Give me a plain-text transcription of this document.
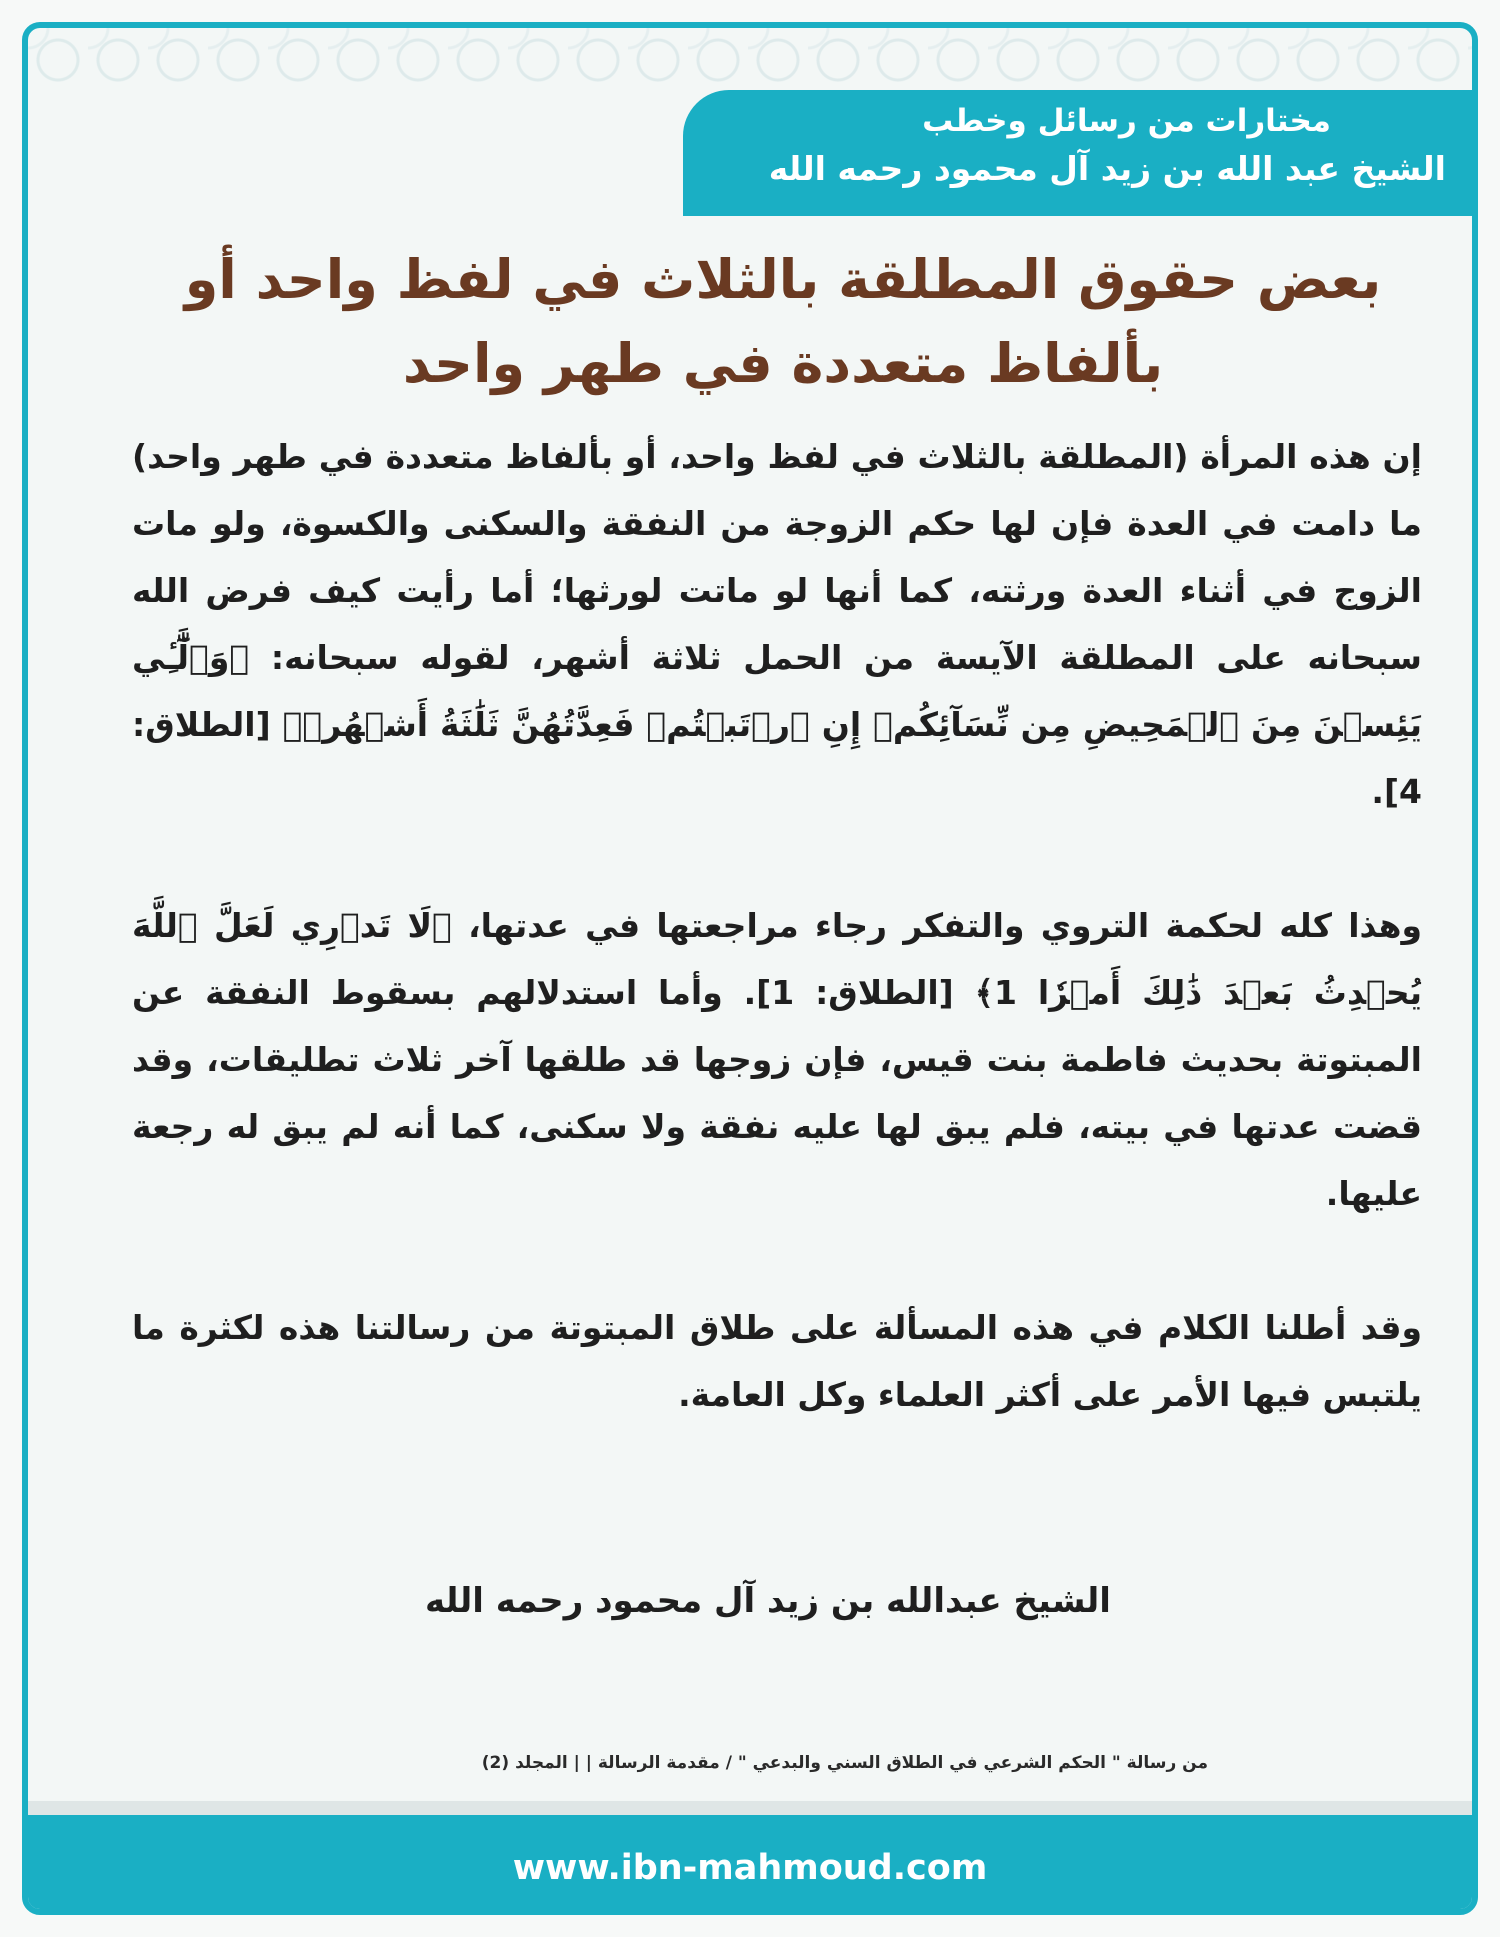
مختارات من رسائل وخطب
الشيخ عبد الله بن زيد آل محمود رحمه الله
بعض حقوق المطلقة بالثلاث في لفظ واحد أو
بألفاظ متعددة في طهر واحد

إن هذه المرأة (المطلقة بالثلاث في لفظ واحد، أو بألفاظ متعددة في طهر واحد) ما دامت في العدة فإن لها حكم الزوجة من النفقة والسكنى والكسوة، ولو مات الزوج في أثناء العدة ورثته، كما أنها لو ماتت لورثها؛ أما رأيت كيف فرض الله سبحانه على المطلقة الآيسة من الحمل ثلاثة أشهر، لقوله سبحانه: ﴿وَٱلَّٰٓـِٔي يَئِسۡنَ مِنَ ٱلۡمَحِيضِ مِن نِّسَآئِكُمۡ إِنِ ٱرۡتَبۡتُمۡ فَعِدَّتُهُنَّ ثَلَٰثَةُ أَشۡهُرٖ﴾ [الطلاق: 4].

وهذا كله لحكمة التروي والتفكر رجاء مراجعتها في عدتها، ﴿لَا تَدۡرِي لَعَلَّ ٱللَّهَ يُحۡدِثُ بَعۡدَ ذَٰلِكَ أَمۡرٗا 1﴾ [الطلاق: 1]. وأما استدلالهم بسقوط النفقة عن المبتوتة بحديث فاطمة بنت قيس، فإن زوجها قد طلقها آخر ثلاث تطليقات، وقد قضت عدتها في بيته، فلم يبق لها عليه نفقة ولا سكنى، كما أنه لم يبق له رجعة عليها.

وقد أطلنا الكلام في هذه المسألة على طلاق المبتوتة من رسالتنا هذه لكثرة ما يلتبس فيها الأمر على أكثر العلماء وكل العامة.

الشيخ عبدالله بن زيد آل محمود رحمه الله
من رسالة " الحكم الشرعي في الطلاق السني والبدعي " / مقدمة الرسالة | | المجلد (2)
www.ibn-mahmoud.com
